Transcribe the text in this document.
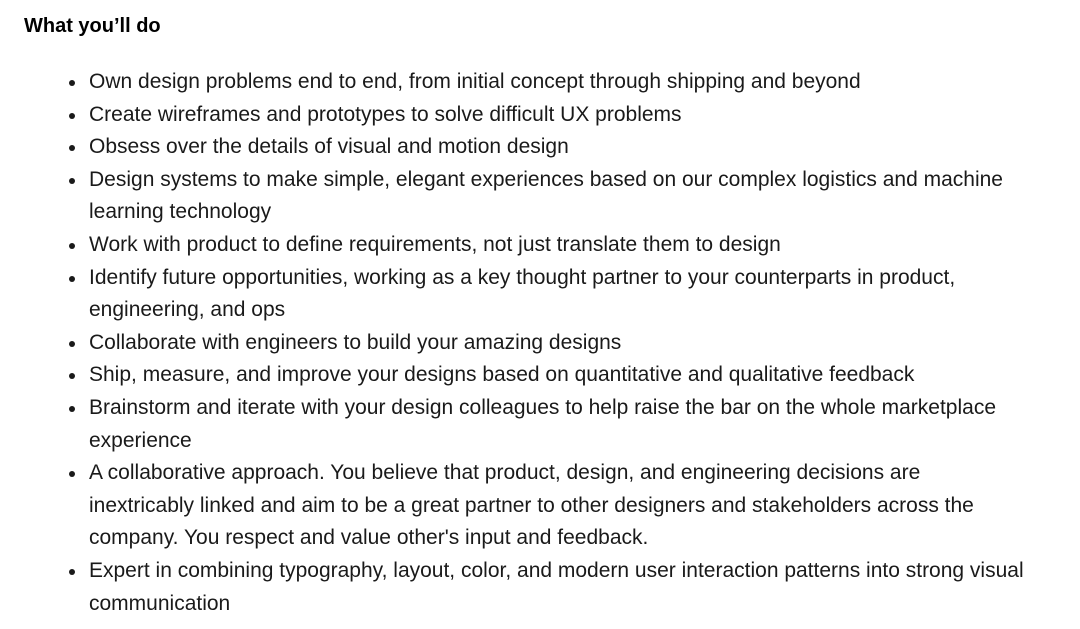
What you’ll do
Own design problems end to end, from initial concept through shipping and beyond
Create wireframes and prototypes to solve difficult UX problems
Obsess over the details of visual and motion design
Design systems to make simple, elegant experiences based on our complex logistics and machine learning technology
Work with product to define requirements, not just translate them to design
Identify future opportunities, working as a key thought partner to your counterparts in product, engineering, and ops
Collaborate with engineers to build your amazing designs
Ship, measure, and improve your designs based on quantitative and qualitative feedback
Brainstorm and iterate with your design colleagues to help raise the bar on the whole marketplace experience
A collaborative approach. You believe that product, design, and engineering decisions are inextricably linked and aim to be a great partner to other designers and stakeholders across the company. You respect and value other's input and feedback.
Expert in combining typography, layout, color, and modern user interaction patterns into strong visual communication
